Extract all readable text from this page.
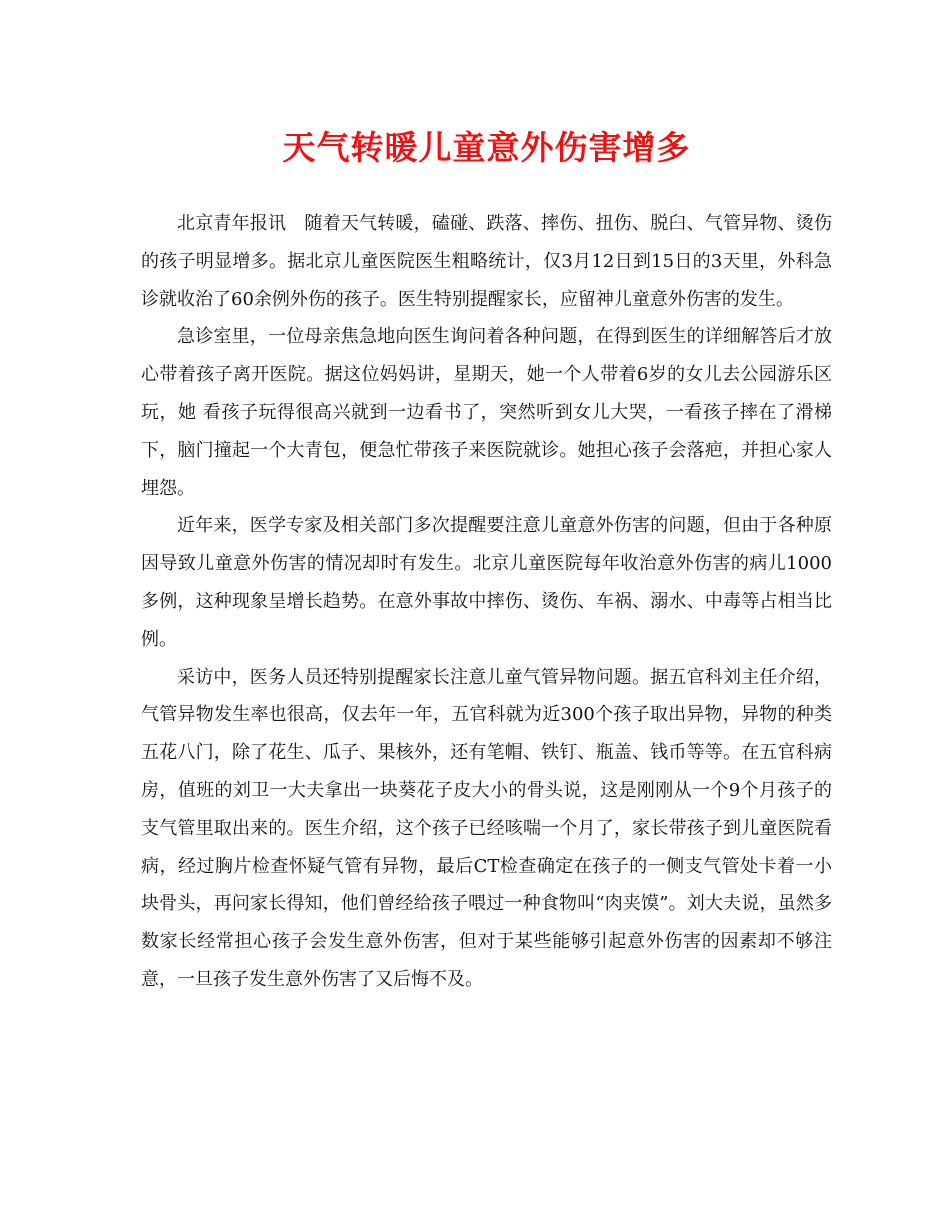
天气转暖儿童意外伤害增多

北京青年报讯　随着天气转暖，磕碰、跌落、摔伤、扭伤、脱臼、气管异物、烫伤的孩子明显增多。据北京儿童医院医生粗略统计，仅3月12日到15日的3天里，外科急诊就收治了60余例外伤的孩子。医生特别提醒家长，应留神儿童意外伤害的发生。

急诊室里，一位母亲焦急地向医生询问着各种问题，在得到医生的详细解答后才放心带着孩子离开医院。据这位妈妈讲，星期天，她一个人带着6岁的女儿去公园游乐区玩，她 看孩子玩得很高兴就到一边看书了，突然听到女儿大哭，一看孩子摔在了滑梯下，脑门撞起一个大青包，便急忙带孩子来医院就诊。她担心孩子会落疤，并担心家人埋怨。

近年来，医学专家及相关部门多次提醒要注意儿童意外伤害的问题，但由于各种原因导致儿童意外伤害的情况却时有发生。北京儿童医院每年收治意外伤害的病儿1000多例，这种现象呈增长趋势。在意外事故中摔伤、烫伤、车祸、溺水、中毒等占相当比例。

采访中，医务人员还特别提醒家长注意儿童气管异物问题。据五官科刘主任介绍，气管异物发生率也很高，仅去年一年，五官科就为近300个孩子取出异物，异物的种类五花八门，除了花生、瓜子、果核外，还有笔帽、铁钉、瓶盖、钱币等等。在五官科病房，值班的刘卫一大夫拿出一块葵花子皮大小的骨头说，这是刚刚从一个9个月孩子的支气管里取出来的。医生介绍，这个孩子已经咳喘一个月了，家长带孩子到儿童医院看病，经过胸片检查怀疑气管有异物，最后CT检查确定在孩子的一侧支气管处卡着一小块骨头，再问家长得知，他们曾经给孩子喂过一种食物叫“肉夹馍”。刘大夫说，虽然多数家长经常担心孩子会发生意外伤害，但对于某些能够引起意外伤害的因素却不够注意，一旦孩子发生意外伤害了又后悔不及。
